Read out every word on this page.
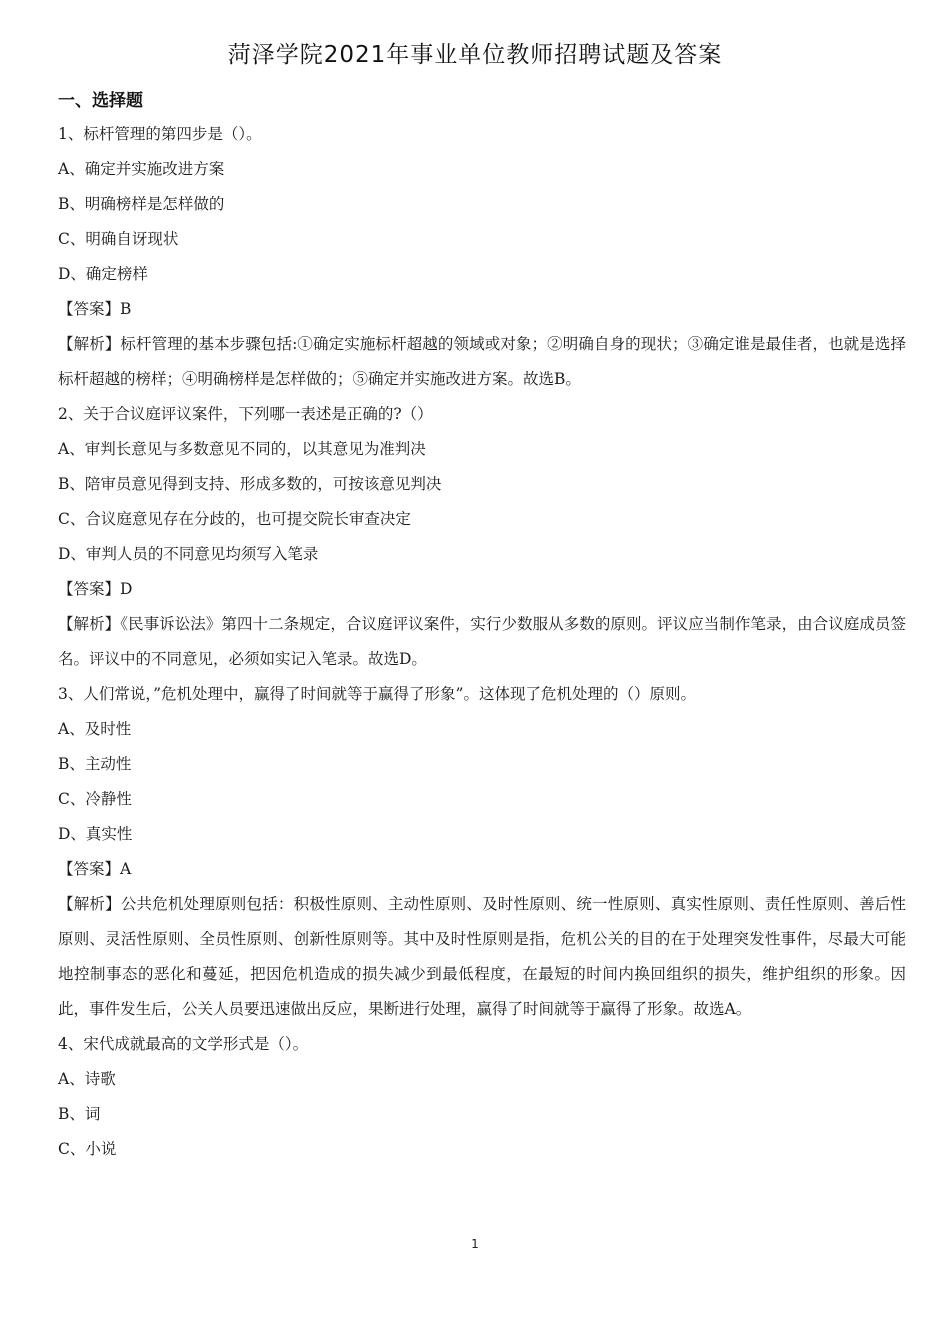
菏泽学院2021年事业单位教师招聘试题及答案
一、选择题
1、标杆管理的第四步是（）。
A、确定并实施改进方案
B、明确榜样是怎样做的
C、明确自讶现状
D、确定榜样
【答案】B
【解析】标杆管理的基本步骤包括:①确定实施标杆超越的领域或对象；②明确自身的现状；③确定谁是最佳者，也就是选择标杆超越的榜样；④明确榜样是怎样做的；⑤确定并实施改进方案。故选B。
2、关于合议庭评议案件，下列哪一表述是正确的?（）
A、审判长意见与多数意见不同的，以其意见为准判决
B、陪审员意见得到支持、形成多数的，可按该意见判决
C、合议庭意见存在分歧的，也可提交院长审查决定
D、审判人员的不同意见均须写入笔录
【答案】D
【解析】《民事诉讼法》第四十二条规定，合议庭评议案件，实行少数服从多数的原则。评议应当制作笔录，由合议庭成员签名。评议中的不同意见，必须如实记入笔录。故选D。
3、人们常说，”危机处理中，赢得了时间就等于赢得了形象”。这体现了危机处理的（）原则。
A、及时性
B、主动性
C、冷静性
D、真实性
【答案】A
【解析】公共危机处理原则包括：积极性原则、主动性原则、及时性原则、统一性原则、真实性原则、责任性原则、善后性原则、灵活性原则、全员性原则、创新性原则等。其中及时性原则是指，危机公关的目的在于处理突发性事件，尽最大可能地控制事态的恶化和蔓延，把因危机造成的损失减少到最低程度，在最短的时间内换回组织的损失，维护组织的形象。因此，事件发生后，公关人员要迅速做出反应，果断进行处理，赢得了时间就等于赢得了形象。故选A。
4、宋代成就最高的文学形式是（）。
A、诗歌
B、词
C、小说
1
